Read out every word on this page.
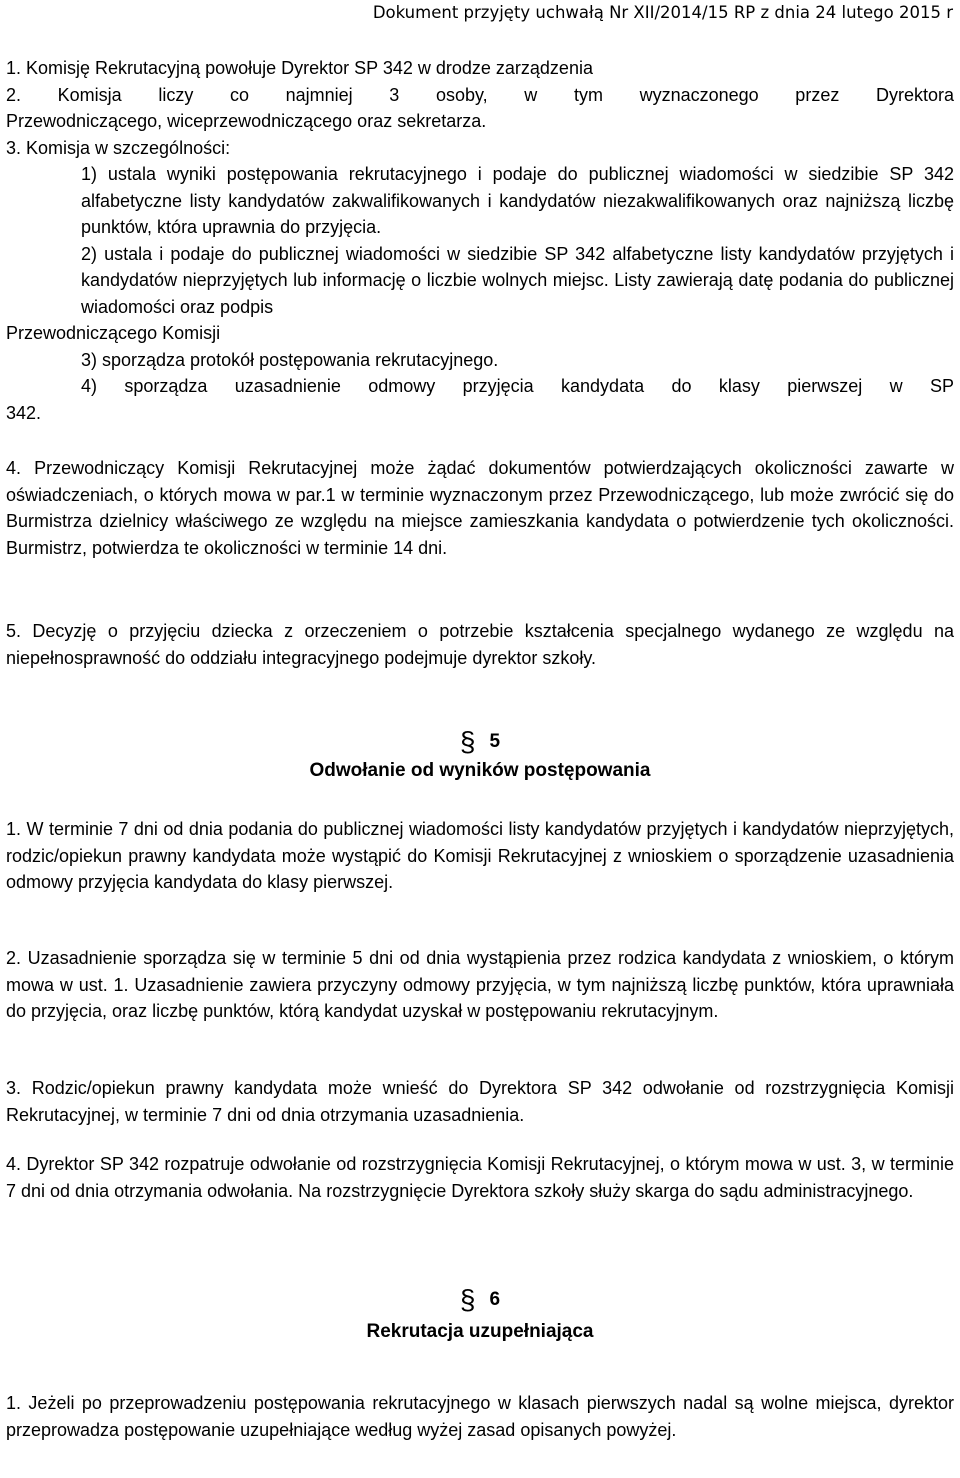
Dokument przyjęty uchwałą Nr XII/2014/15 RP z dnia 24 lutego 2015 r
1. Komisję Rekrutacyjną powołuje Dyrektor SP 342 w drodze zarządzenia
2. Komisja liczy co najmniej 3 osoby, w tym wyznaczonego przez Dyrektora
Przewodniczącego, wiceprzewodniczącego oraz sekretarza.
3. Komisja w szczególności:
1) ustala wyniki postępowania rekrutacyjnego i podaje do publicznej wiadomości w siedzibie SP 342 alfabetyczne listy kandydatów zakwalifikowanych i kandydatów niezakwalifikowanych oraz najniższą liczbę punktów, która uprawnia do przyjęcia.
2) ustala i podaje do publicznej wiadomości w siedzibie SP 342 alfabetyczne listy kandydatów przyjętych i kandydatów nieprzyjętych lub informację o liczbie wolnych miejsc. Listy zawierają datę podania do publicznej wiadomości oraz podpis
Przewodniczącego Komisji
3) sporządza protokół postępowania rekrutacyjnego.
4) sporządza uzasadnienie odmowy przyjęcia kandydata do klasy pierwszej w SP
342.
4. Przewodniczący Komisji Rekrutacyjnej może żądać dokumentów potwierdzających okoliczności zawarte w oświadczeniach, o których mowa w par.1 w terminie wyznaczonym przez Przewodniczącego, lub może zwrócić się do Burmistrza dzielnicy właściwego ze względu na miejsce zamieszkania kandydata o potwierdzenie tych okoliczności. Burmistrz, potwierdza te okoliczności w terminie 14 dni.
5. Decyzję o przyjęciu dziecka z orzeczeniem o potrzebie kształcenia specjalnego wydanego ze względu na niepełnosprawność do oddziału integracyjnego podejmuje dyrektor szkoły.
§ 5
Odwołanie od wyników postępowania
1. W terminie 7 dni od dnia podania do publicznej wiadomości listy kandydatów przyjętych i kandydatów nieprzyjętych, rodzic/opiekun prawny kandydata może wystąpić do Komisji Rekrutacyjnej z wnioskiem o sporządzenie uzasadnienia odmowy przyjęcia kandydata do klasy pierwszej.
2. Uzasadnienie sporządza się w terminie 5 dni od dnia wystąpienia przez rodzica kandydata z wnioskiem, o którym mowa w ust. 1. Uzasadnienie zawiera przyczyny odmowy przyjęcia, w tym najniższą liczbę punktów, która uprawniała do przyjęcia, oraz liczbę punktów, którą kandydat uzyskał w postępowaniu rekrutacyjnym.
3. Rodzic/opiekun prawny kandydata może wnieść do Dyrektora SP 342 odwołanie od rozstrzygnięcia Komisji Rekrutacyjnej, w terminie 7 dni od dnia otrzymania uzasadnienia.
4. Dyrektor SP 342 rozpatruje odwołanie od rozstrzygnięcia Komisji Rekrutacyjnej, o którym mowa w ust. 3, w terminie 7 dni od dnia otrzymania odwołania. Na rozstrzygnięcie Dyrektora szkoły służy skarga do sądu administracyjnego.
§ 6
Rekrutacja uzupełniająca
1. Jeżeli po przeprowadzeniu postępowania rekrutacyjnego w klasach pierwszych nadal są wolne miejsca, dyrektor przeprowadza postępowanie uzupełniające według wyżej zasad opisanych powyżej.
